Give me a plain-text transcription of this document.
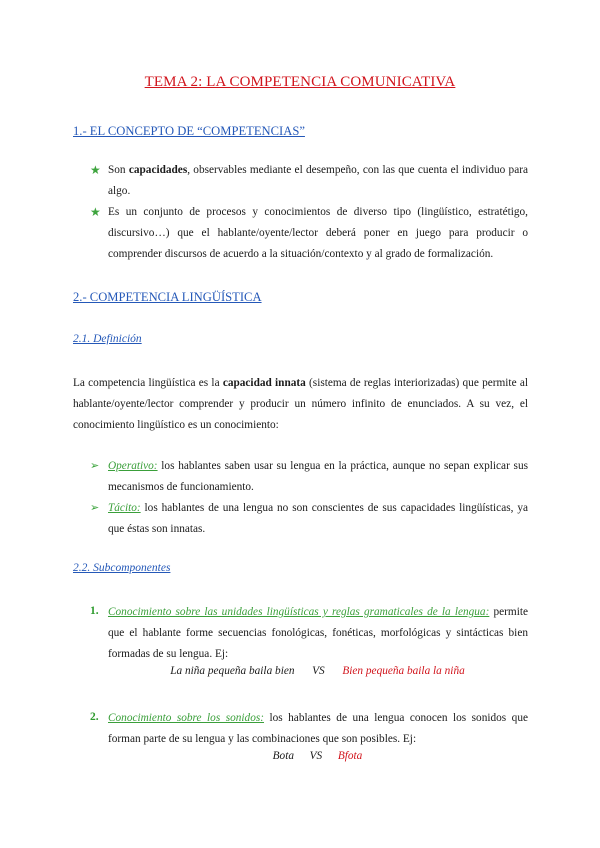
TEMA 2: LA COMPETENCIA COMUNICATIVA
1.- EL CONCEPTO DE “COMPETENCIAS”
★ Son capacidades, observables mediante el desempeño, con las que cuenta el individuo para algo.
★ Es un conjunto de procesos y conocimientos de diverso tipo (lingüístico, estratétigo, discursivo…) que el hablante/oyente/lector deberá poner en juego para producir o comprender discursos de acuerdo a la situación/contexto y al grado de formalización.
2.- COMPETENCIA LINGÜÍSTICA
2.1. Definición
La competencia lingüística es la capacidad innata (sistema de reglas interiorizadas) que permite al hablante/oyente/lector comprender y producir un número infinito de enunciados. A su vez, el conocimiento lingüístico es un conocimiento:
➢ Operativo: los hablantes saben usar su lengua en la práctica, aunque no sepan explicar sus mecanismos de funcionamiento.
➢ Tácito: los hablantes de una lengua no son conscientes de sus capacidades lingüísticas, ya que éstas son innatas.
2.2. Subcomponentes
1. Conocimiento sobre las unidades lingüísticas y reglas gramaticales de la lengua: permite que el hablante forme secuencias fonológicas, fonéticas, morfológicas y sintácticas bien formadas de su lengua. Ej:
La niña pequeña baila bien VS Bien pequeña baila la niña
2. Conocimiento sobre los sonidos: los hablantes de una lengua conocen los sonidos que forman parte de su lengua y las combinaciones que son posibles. Ej:
Bota VS Bfota
